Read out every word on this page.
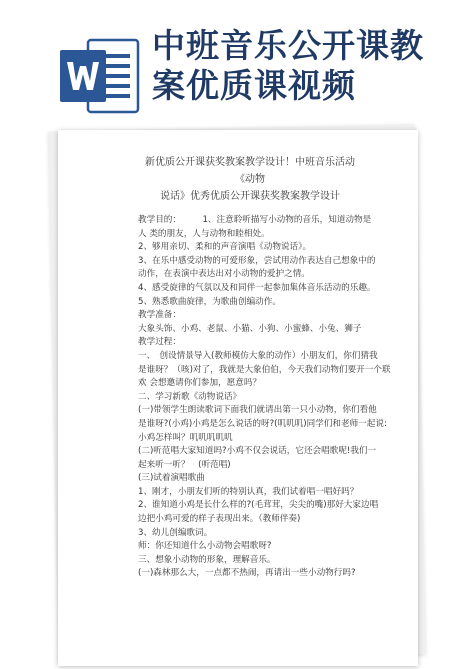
中班音乐公开课教
案优质课视频
新优质公开课获奖教案教学设计！中班音乐活动《动物
说话》优秀优质公开课获奖教案教学设计

教学目的：　　　1、注意聆听描写小动物的音乐，知道动物是

人 类的朋友，人与动物和睦相处。

2、够用亲切、柔和的声音演唱《动物说话》。

3、在乐中感受动物的可爱形象，尝试用动作表达自己想象中的

动作，在表演中表达出对小动物的爱护之情。

4、感受旋律的气氛以及和同伴一起参加集体音乐活动的乐趣。

5、熟悉歌曲旋律，为歌曲创编动作。

教学准备：

大象头饰、小鸡、老鼠、小猫、小狗、小蜜蜂、小兔、狮子

教学过程：

一、　创设情景导入(教师模仿大象的动作）小朋友们，你们猜我

是谁呀？（咳)对了，我就是大象伯伯，今天我们动物们要开一个联

欢 会想邀请你们参加，愿意吗？

二、学习新歌《动物说话》

(一)带领学生朗读歌词下面我们就请出第一只小动物，你们看他

是谁呀?(小鸡)小鸡是怎么说话的呀?(叽叽叽)同学们和老师一起说:

小鸡怎样叫？叽叽叽叽叽

(二)听范唱大家知道吗?小鸡不仅会说话，它还会唱歌呢!我们一

起来听一听？　(听范唱)

(三)试着演唱歌曲

1、刚才，小朋友们听的特别认真，我们试着唱一唱好吗？

2、谁知道小鸡是长什么样的?(毛茸茸，尖尖的嘴)那好大家边唱

边把小鸡可爱的样子表现出来。（教师伴奏)

3、幼儿创编歌词。

师：你还知道什么小动物会唱歌呀?

三、想象小动物的形象，理解音乐。

(一)森林那么大，一点都不热闹，再请出一些小动物行吗?
